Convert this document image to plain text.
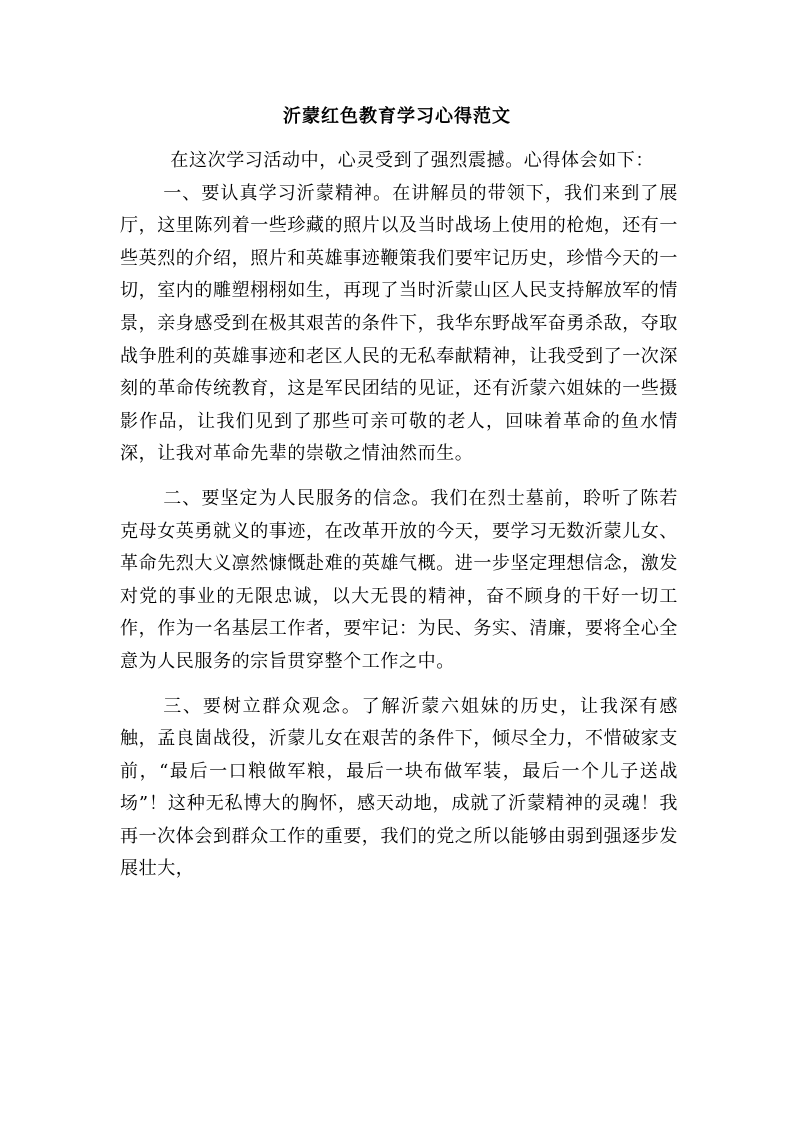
沂蒙红色教育学习心得范文

在这次学习活动中，心灵受到了强烈震撼。心得体会如下：

一、要认真学习沂蒙精神。在讲解员的带领下，我们来到了展厅，这里陈列着一些珍藏的照片以及当时战场上使用的枪炮，还有一些英烈的介绍，照片和英雄事迹鞭策我们要牢记历史，珍惜今天的一切，室内的雕塑栩栩如生，再现了当时沂蒙山区人民支持解放军的情景，亲身感受到在极其艰苦的条件下，我华东野战军奋勇杀敌，夺取战争胜利的英雄事迹和老区人民的无私奉献精神，让我受到了一次深刻的革命传统教育，这是军民团结的见证，还有沂蒙六姐妹的一些摄影作品，让我们见到了那些可亲可敬的老人，回味着革命的鱼水情深，让我对革命先辈的崇敬之情油然而生。

二、要坚定为人民服务的信念。我们在烈士墓前，聆听了陈若克母女英勇就义的事迹，在改革开放的今天，要学习无数沂蒙儿女、革命先烈大义凛然慷慨赴难的英雄气概。进一步坚定理想信念，激发对党的事业的无限忠诚，以大无畏的精神，奋不顾身的干好一切工作，作为一名基层工作者，要牢记：为民、务实、清廉，要将全心全意为人民服务的宗旨贯穿整个工作之中。

三、要树立群众观念。了解沂蒙六姐妹的历史，让我深有感触，孟良崮战役，沂蒙儿女在艰苦的条件下，倾尽全力，不惜破家支前，“最后一口粮做军粮，最后一块布做军装，最后一个儿子送战场”！这种无私博大的胸怀，感天动地，成就了沂蒙精神的灵魂！我再一次体会到群众工作的重要，我们的党之所以能够由弱到强逐步发展壮大，
